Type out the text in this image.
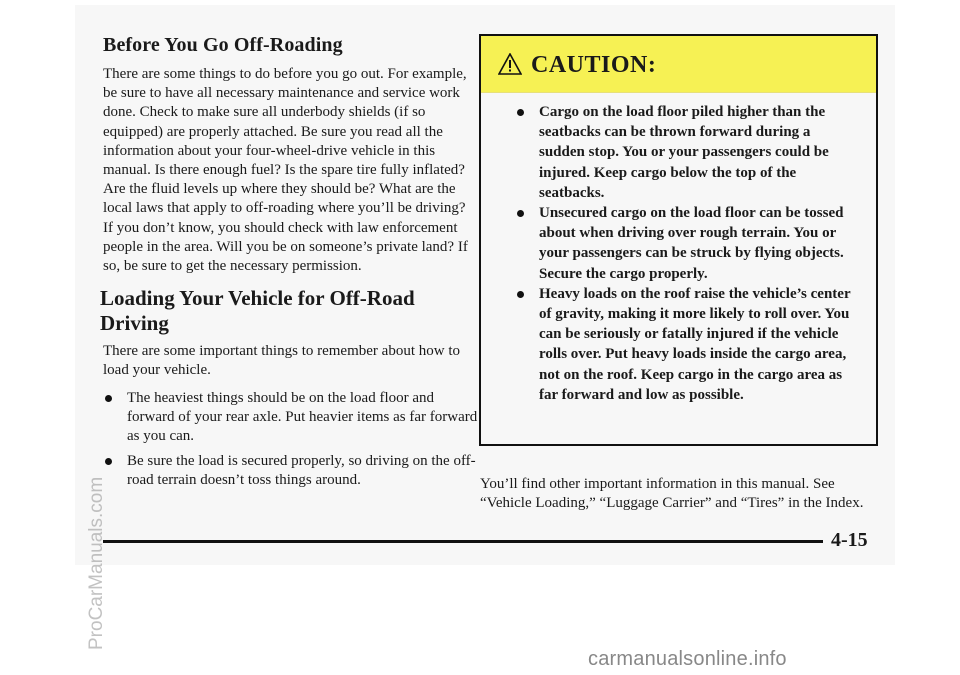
Before You Go Off-Roading

There are some things to do before you go out. For example, be sure to have all necessary maintenance and service work done. Check to make sure all underbody shields (if so equipped) are properly attached. Be sure you read all the information about your four-wheel-drive vehicle in this manual. Is there enough fuel? Is the spare tire fully inflated? Are the fluid levels up where they should be? What are the local laws that apply to off-roading where you’ll be driving? If you don’t know, you should check with law enforcement people in the area. Will you be on someone’s private land? If so, be sure to get the necessary permission.

Loading Your Vehicle for Off-Road Driving

There are some important things to remember about how to load your vehicle.

The heaviest things should be on the load floor and forward of your rear axle. Put heavier items as far forward as you can.
Be sure the load is secured properly, so driving on the off-road terrain doesn’t toss things around.
CAUTION:
Cargo on the load floor piled higher than the seatbacks can be thrown forward during a sudden stop. You or your passengers could be injured. Keep cargo below the top of the seatbacks.
Unsecured cargo on the load floor can be tossed about when driving over rough terrain. You or your passengers can be struck by flying objects. Secure the cargo properly.
Heavy loads on the roof raise the vehicle’s center of gravity, making it more likely to roll over. You can be seriously or fatally injured if the vehicle rolls over. Put heavy loads inside the cargo area, not on the roof. Keep cargo in the cargo area as far forward and low as possible.

You’ll find other important information in this manual. See “Vehicle Loading,” “Luggage Carrier” and “Tires” in the Index.

4-15
ProCarManuals.com
carmanualsonline.info
